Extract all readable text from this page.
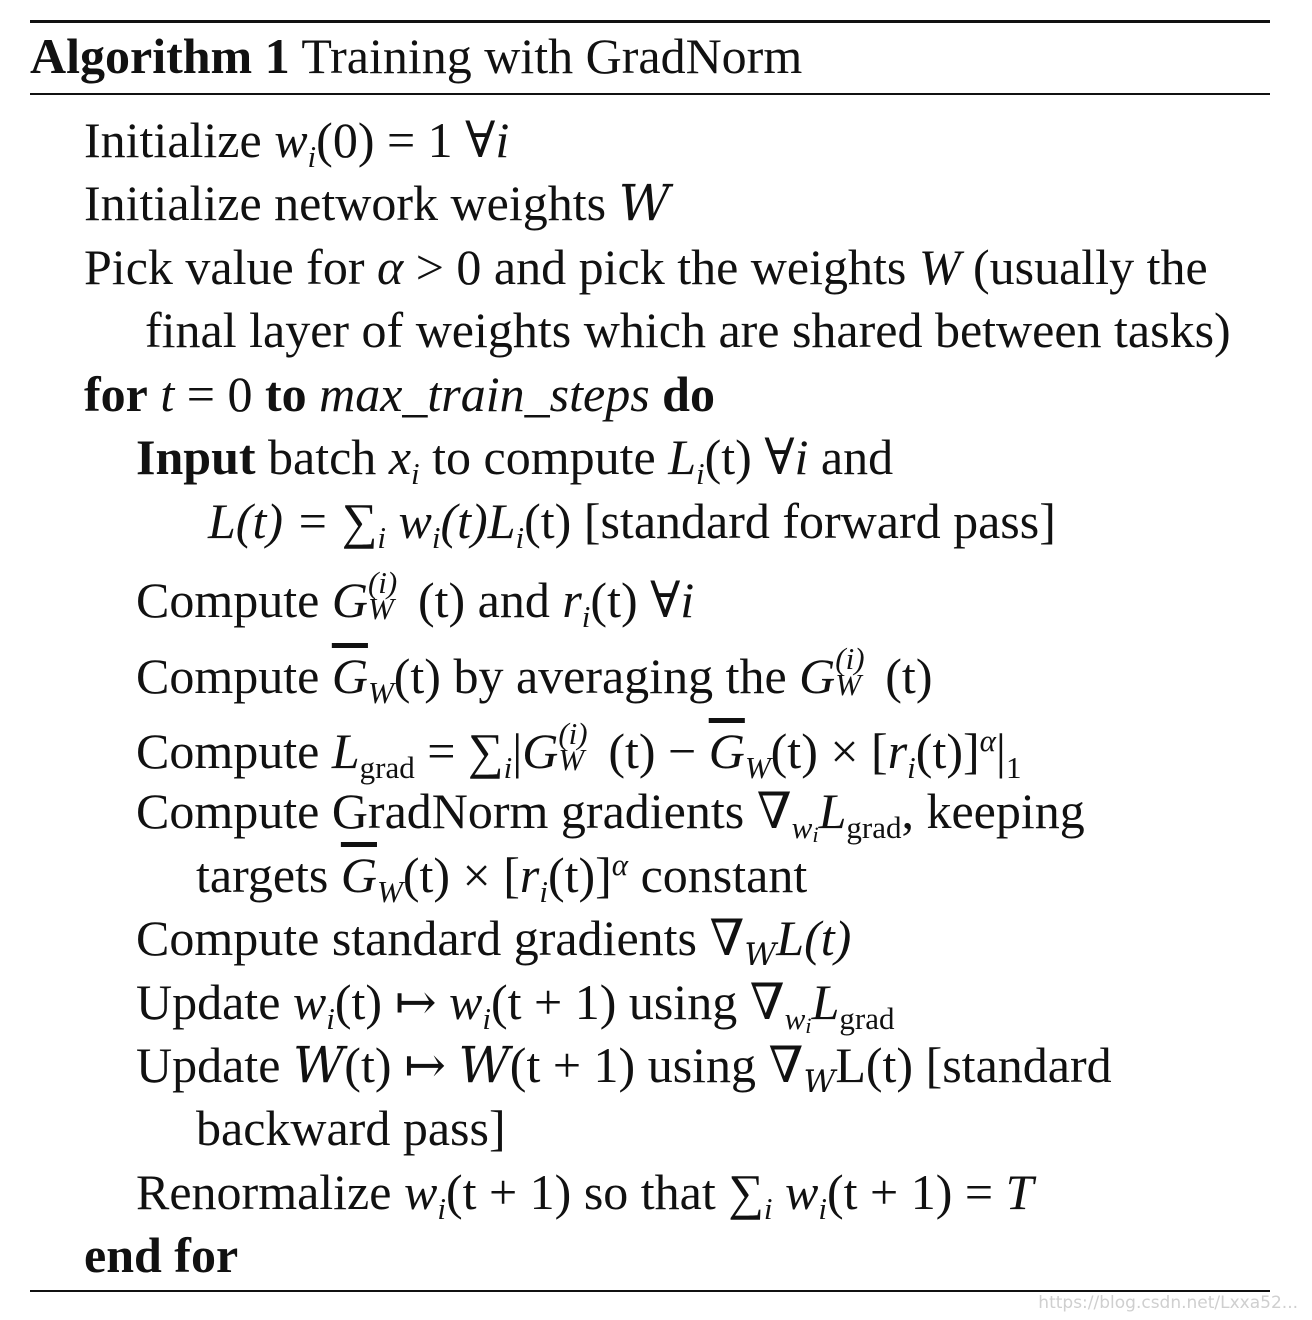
Algorithm 1 Training with GradNorm
Initialize wi(0) = 1 ∀i
Initialize network weights W
Pick value for α > 0 and pick the weights W (usually the
final layer of weights which are shared between tasks)
for t = 0 to max_train_steps do
Input batch xi to compute Li(t) ∀i and
L(t) = ∑i wi(t)Li(t) [standard forward pass]
Compute G (i)
W (t) and ri(t) ∀i
Compute $\overline{G}W(t)$ by averaging the G (i)
W (t)
Compute Lgrad = ∑i|G (i)
W $(t) - \overline{G}W(t) \times [ri(t)]^\alpha|1$
Compute GradNorm gradients $\nabla w_iLgrad$, keeping
targets $\overline{G}W(t) \times [ri(t)]^\alpha$ constant
Compute standard gradients ∇WL(t)
Update wi(t) ↦ wi(t + 1) using $\nabla w_iLgrad$
Update W(t) ↦ W(t + 1) using ∇WL(t) [standard
backward pass]
Renormalize wi(t + 1) so that ∑i wi(t + 1) = T
end for
https://blog.csdn.net/Lxxa52...
